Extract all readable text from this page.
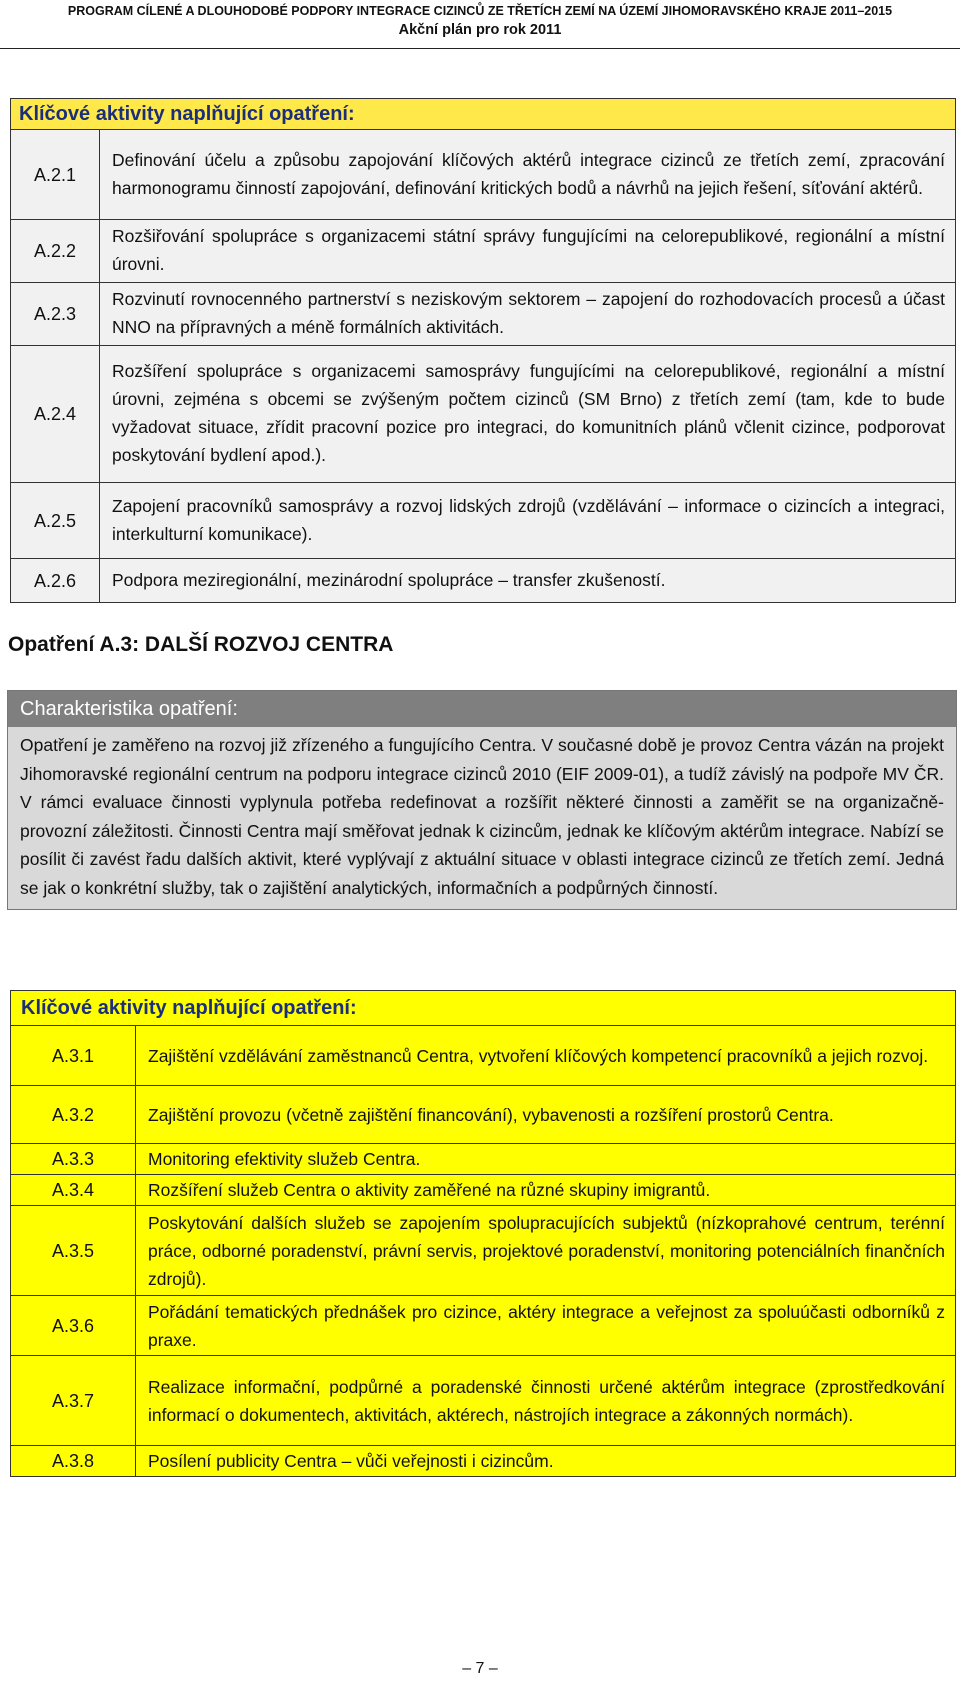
PROGRAM CÍLENÉ A DLOUHODOBÉ PODPORY INTEGRACE CIZINCŮ ZE TŘETÍCH ZEMÍ NA ÚZEMÍ JIHOMORAVSKÉHO KRAJE 2011–2015
Akční plán pro rok 2011
Klíčové aktivity naplňující opatření:	
A.2.1	Definování účelu a způsobu zapojování klíčových aktérů integrace cizinců ze třetích zemí, zpracování harmonogramu činností zapojování, definování kritických bodů a návrhů na jejich řešení, síťování aktérů.
A.2.2	Rozšiřování spolupráce s organizacemi státní správy fungujícími na celorepublikové, regionální a místní úrovni.
A.2.3	Rozvinutí rovnocenného partnerství s neziskovým sektorem – zapojení do rozhodovacích procesů a účast NNO na přípravných a méně formálních aktivitách.
A.2.4	Rozšíření spolupráce s organizacemi samosprávy fungujícími na celorepublikové, regionální a místní úrovni, zejména s obcemi se zvýšeným počtem cizinců (SM Brno) z třetích zemí (tam, kde to bude vyžadovat situace, zřídit pracovní pozice pro integraci, do komunitních plánů včlenit cizince, podporovat poskytování bydlení apod.).
A.2.5	Zapojení pracovníků samosprávy a rozvoj lidských zdrojů (vzdělávání – informace o cizincích a integraci, interkulturní komunikace).
A.2.6	Podpora meziregionální, mezinárodní spolupráce – transfer zkušeností.
Opatření A.3: DALŠÍ ROZVOJ CENTRA
Charakteristika opatření:
Opatření je zaměřeno na rozvoj již zřízeného a fungujícího Centra. V současné době je provoz Centra vázán na projekt Jihomoravské regionální centrum na podporu integrace cizinců 2010 (EIF 2009-01), a tudíž závislý na podpoře MV ČR. V rámci evaluace činnosti vyplynula potřeba redefinovat a rozšířit některé činnosti a zaměřit se na organizačně-provozní záležitosti. Činnosti Centra mají směřovat jednak k cizincům, jednak ke klíčovým aktérům integrace. Nabízí se posílit či zavést řadu dalších aktivit, které vyplývají z aktuální situace v oblasti integrace cizinců ze třetích zemí. Jedná se jak o konkrétní služby, tak o zajištění analytických, informačních a podpůrných činností.
Klíčové aktivity naplňující opatření:	
A.3.1	Zajištění vzdělávání zaměstnanců Centra, vytvoření klíčových kompetencí pracovníků a jejich rozvoj.
A.3.2	Zajištění provozu (včetně zajištění financování), vybavenosti a rozšíření prostorů Centra.
A.3.3	Monitoring efektivity služeb Centra.
A.3.4	Rozšíření služeb Centra o aktivity zaměřené na různé skupiny imigrantů.
A.3.5	Poskytování dalších služeb se zapojením spolupracujících subjektů (nízkoprahové centrum, terénní práce, odborné poradenství, právní servis, projektové poradenství, monitoring potenciálních finančních zdrojů).
A.3.6	Pořádání tematických přednášek pro cizince, aktéry integrace a veřejnost za spoluúčasti odborníků z praxe.
A.3.7	Realizace informační, podpůrné a poradenské činnosti určené aktérům integrace (zprostředkování informací o dokumentech, aktivitách, aktérech, nástrojích integrace a zákonných normách).
A.3.8	Posílení publicity Centra – vůči veřejnosti i cizincům.
– 7 –
